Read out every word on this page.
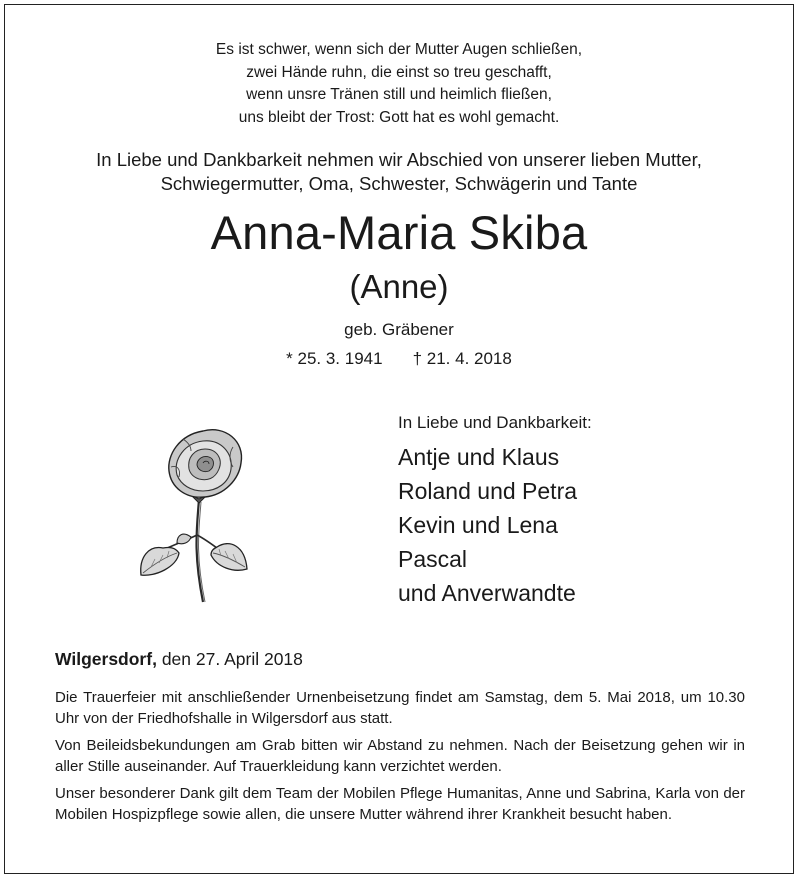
Es ist schwer, wenn sich der Mutter Augen schließen,
zwei Hände ruhn, die einst so treu geschafft,
wenn unsre Tränen still und heimlich fließen,
uns bleibt der Trost: Gott hat es wohl gemacht.
In Liebe und Dankbarkeit nehmen wir Abschied von unserer lieben Mutter,
Schwiegermutter, Oma, Schwester, Schwägerin und Tante
Anna-Maria Skiba
(Anne)
geb. Gräbener
* 25. 3. 1941 † 21. 4. 2018
In Liebe und Dankbarkeit:
Antje und Klaus
Roland und Petra
Kevin und Lena
Pascal
und Anverwandte
Wilgersdorf, den 27. April 2018

Die Trauerfeier mit anschließender Urnenbeisetzung findet am Samstag, dem 5. Mai 2018, um 10.30 Uhr von der Friedhofshalle in Wilgersdorf aus statt.

Von Beileidsbekundungen am Grab bitten wir Abstand zu nehmen. Nach der Beisetzung gehen wir in aller Stille auseinander. Auf Trauerkleidung kann verzichtet werden.

Unser besonderer Dank gilt dem Team der Mobilen Pflege Humanitas, Anne und Sabrina, Karla von der Mobilen Hospizpflege sowie allen, die unsere Mutter während ihrer Krankheit besucht haben.
